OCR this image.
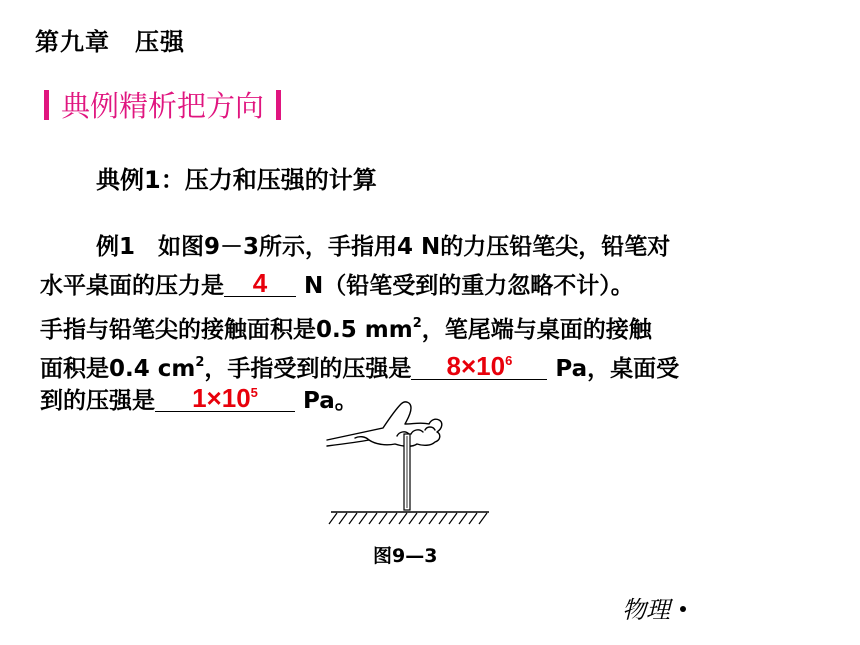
第九章　压强
典例精析把方向
典例1：压力和压强的计算
例1　如图9－3所示，手指用4 N的力压铅笔尖，铅笔对
水平桌面的压力是	4	N（铅笔受到的重力忽略不计）。
手指与铅笔尖的接触面积是0.5 $mm^2$，笔尾端与桌面的接触
面积是0.4 $cm^2$，手指受到的压强是	$8\times 10^6$	Pa，桌面受
到的压强是	$1\times 10^5$	Pa。
图9—3
物理
